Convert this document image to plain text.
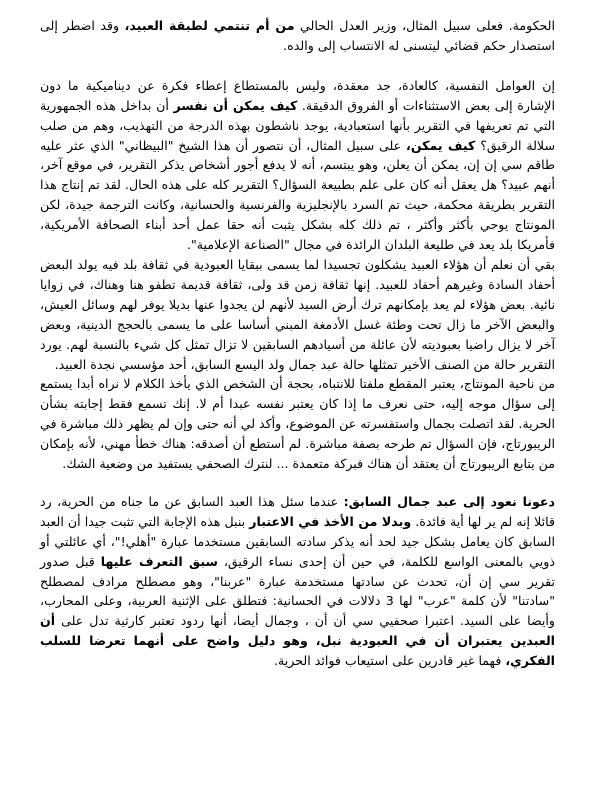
الحكومة. فعلى سبيل المثال، وزير العدل الحالي من أم تنتمي لطبقة العبيد، وقد اضطر إلى استصدار حكم قضائي ليتسنى له الانتساب إلى والده.

إن العوامل النفسية، كالعادة، جد معقدة، وليس بالمستطاع إعطاء فكرة عن ديناميكية ما دون الإشارة إلى بعض الاستثناءات أو الفروق الدقيقة. كيف يمكن أن نفسر أن بداخل هذه الجمهورية التي تم تعريفها في التقرير بأنها استعبادية، يوجد ناشطون بهذه الدرجة من التهذيب، وهم من صلب سلالة الرقيق؟ كيف يمكن، على سبيل المثال، أن نتصور أن هذا الشيخ "البيظاني" الذي عثر عليه طاقم سي إن إن، يمكن أن يعلن، وهو يبتسم، أنه لا يدفع أجور أشخاص يذكر التقرير، في موقع آخر، أنهم عبيد؟ هل يعقل أنه كان على علم بطبيعة السؤال؟ التقرير كله على هذه الحال. لقد تم إنتاج هذا التقرير بطريقة محكمة، حيث تم السرد بالإنجليزية والفرنسية والحسانية، وكانت الترجمة جيدة، لكن المونتاج يوحي بأكثر وأكثر ، تم ذلك كله بشكل يثبت أنه حقا عمل أحد أبناء الصحافة الأمريكية، فأمريكا بلد يعد في طليعة البلدان الرائدة في مجال "الصناعة الإعلامية".

بقي أن نعلم أن هؤلاء العبيد يشكلون تجسيدا لما يسمى ببقايا العبودية في ثقافة بلد فيه يولد البعض أحفاد السادة وغيرهم أحفاد للعبيد. إنها ثقافة زمن قد ولى، ثقافة قديمة تطفو هنا وهناك، في زوايا نائية. بعض هؤلاء لم يعد بإمكانهم ترك أرض السيد لأنهم لن يجدوا عنها بديلا يوفر لهم وسائل العيش، والبعض الآخر ما زال تحت وطئة غسل الأدمغة المبني أساسا على ما يسمى بالحجج الدينية، وبعض آخر لا يزال راضيا بعبوديته لأن عائلة من أسيادهم السابقين لا تزال تمثل كل شيء بالنسبة لهم. يورد التقرير حالة من الصنف الأخير تمثلها حالة عبد جمال ولد اليسع السابق، أحد مؤسسي نجدة العبيد.

من ناحية المونتاج، يعتبر المقطع ملفتا للانتباه، بحجة أن الشخص الذي يأخذ الكلام لا نراه أبدا يستمع إلى سؤال موجه إليه، حتى نعرف ما إذا كان يعتبر نفسه عبدا أم لا. إنك تسمع فقط إجابته بشأن الحرية. لقد اتصلت بجمال واستفسرته عن الموضوع، وأكد لي أنه حتى وإن لم يظهر ذلك مباشرة في الريبورتاج، فإن السؤال تم طرحه بصفة مباشرة. لم أستطع أن أصدقه: هناك خطأ مهني، لأنه بإمكان من يتابع الريبورتاج أن يعتقد أن هناك فبركة متعمدة ... لنترك الصحفي يستفيد من وضعية الشك.

دعونا نعود إلى عبد جمال السابق: عندما سئل هذا العبد السابق عن ما جناه من الحرية، رد قائلا إنه لم ير لها أية فائدة. وبدلا من الأخذ في الاعتبار بنبل هذه الإجابة التي تثبت جيدا أن العبد السابق كان يعامل بشكل جيد لحد أنه يذكر سادته السابقين مستخدما عبارة "أهلي!"، أي عائلتي أو ذويي بالمعنى الواسع للكلمة، في حين أن إحدى نساء الرقيق، سبق التعرف عليها قبل صدور تقرير سي إن أن، تحدث عن سادتها مستخدمة عبارة "عربنا"، وهو مصطلح مرادف لمصطلح "سادتنا" لأن كلمة "عرب" لها 3 دلالات في الحسانية: فتطلق على الإثنية العربية، وعلى المحارب، وأيضا على السيد. اعتبرا صحفيي سي أن أن ، وجمال أيضا، أنها ردود تعتبر كارثية تدل على أن العبدين يعتبران أن في العبودية نبل، وهو دليل واضح على أنهما تعرضا للسلب الفكري، فهما غير قادرين على استيعاب فوائد الحرية.
